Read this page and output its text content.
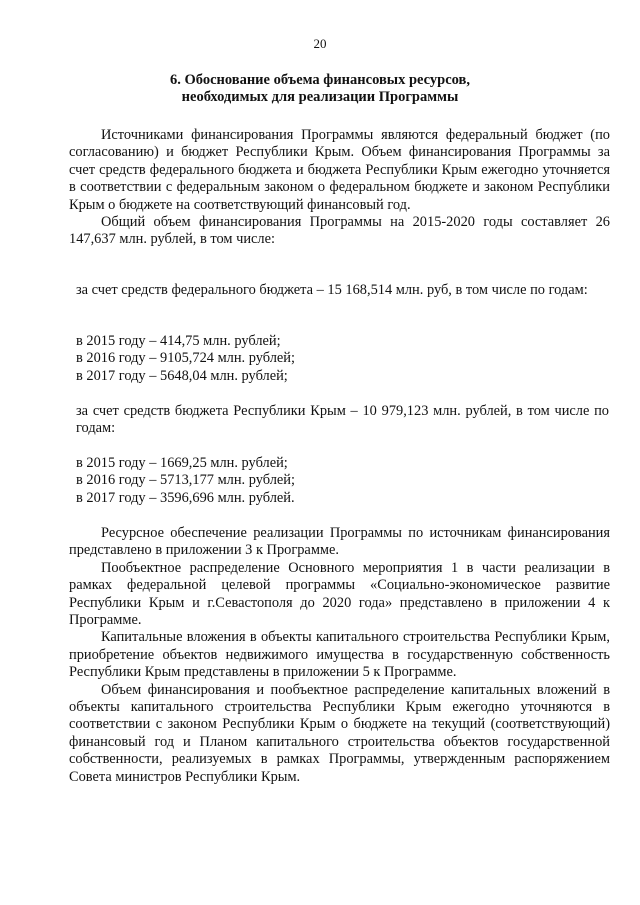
20
6. Обоснование объема финансовых ресурсов,
необходимых для реализации Программы

Источниками финансирования Программы являются федеральный бюджет (по согласованию) и бюджет Республики Крым. Объем финансирования Программы за счет средств федерального бюджета и бюджета Республики Крым ежегодно уточняется в соответствии с федеральным законом о федеральном бюджете и законом Республики Крым о бюджете на соответствующий финансовый год.

Общий объем финансирования Программы на 2015-2020 годы составляет 26 147,637 млн. рублей, в том числе:

за счет средств федерального бюджета – 15 168,514 млн. руб, в том числе по годам:

в 2015 году – 414,75 млн. рублей;
в 2016 году – 9105,724 млн. рублей;
в 2017 году – 5648,04 млн. рублей;

за счет средств бюджета Республики Крым – 10 979,123 млн. рублей, в том числе по годам:

в 2015 году – 1669,25 млн. рублей;
в 2016 году – 5713,177 млн. рублей;
в 2017 году – 3596,696 млн. рублей.

Ресурсное обеспечение реализации Программы по источникам финансирования представлено в приложении 3 к Программе.

Пообъектное распределение Основного мероприятия 1 в части реализации в рамках федеральной целевой программы «Социально-экономическое развитие Республики Крым и г.Севастополя до 2020 года» представлено в приложении 4 к Программе.

Капитальные вложения в объекты капитального строительства Республики Крым, приобретение объектов недвижимого имущества в государственную собственность Республики Крым представлены в приложении 5 к Программе.

Объем финансирования и пообъектное распределение капитальных вложений в объекты капитального строительства Республики Крым ежегодно уточняются в соответствии с законом Республики Крым о бюджете на текущий (соответствующий) финансовый год и Планом капитального строительства объектов государственной собственности, реализуемых в рамках Программы, утвержденным распоряжением Совета министров Республики Крым.
